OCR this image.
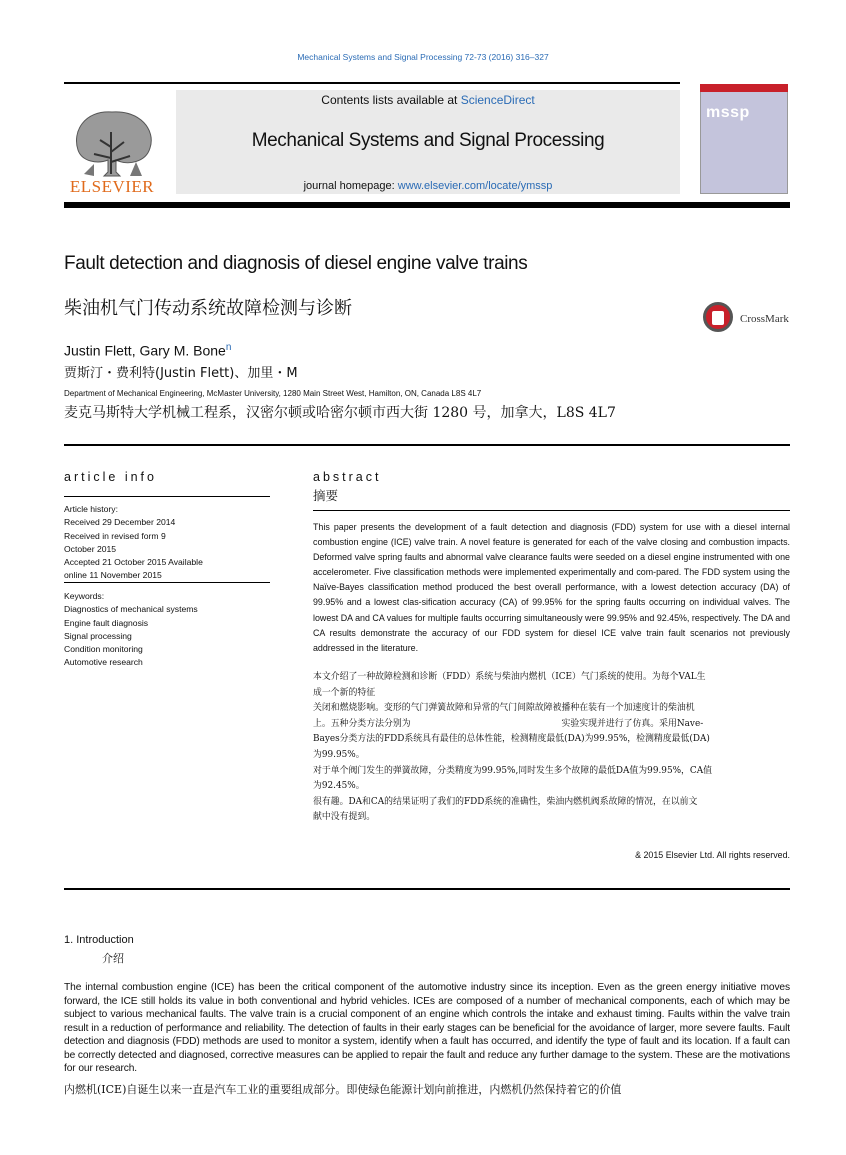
Mechanical Systems and Signal Processing 72-73 (2016) 316–327
ELSEVIER
Contents lists available at ScienceDirect
Mechanical Systems and Signal Processing
journal homepage: www.elsevier.com/locate/ymssp
mssp
Fault detection and diagnosis of diesel engine valve trains
柴油机气门传动系统故障检测与诊断	CrossMark
Justin Flett, Gary M. Bone$^n$
贾斯汀・费利特(Justin Flett)、加里・M
Department of Mechanical Engineering, McMaster University, 1280 Main Street West, Hamilton, ON, Canada L8S 4L7
麦克马斯特大学机械工程系，汉密尔顿或哈密尔顿市西大街 1280 号，加拿大，L8S 4L7
article info
Article history:
Received 29 December 2014
Received in revised form 9
October 2015
Accepted 21 October 2015 Available
online 11 November 2015
Keywords:
Diagnostics of mechanical systems
Engine fault diagnosis
Signal processing
Condition monitoring
Automotive research
abstract
摘要
This paper presents the development of a fault detection and diagnosis (FDD) system for use with a diesel internal combustion engine (ICE) valve train. A novel feature is generated for each of the valve closing and combustion impacts. Deformed valve spring faults and abnormal valve clearance faults were seeded on a diesel engine instrumented with one accelerometer. Five classification methods were implemented experimentally and com-pared. The FDD system using the Naïve-Bayes classification method produced the best overall performance, with a lowest detection accuracy (DA) of 99.95% and a lowest clas-sification accuracy (CA) of 99.95% for the spring faults occurring on individual valves. The lowest DA and CA values for multiple faults occurring simultaneously were 99.95% and 92.45%, respectively. The DA and CA results demonstrate the accuracy of our FDD system for diesel ICE valve train fault scenarios not previously addressed in the literature.
本文介绍了一种故障检测和诊断（FDD）系统与柴油内燃机（ICE）气门系统的使用。为每个VAL生
成一个新的特征
关闭和燃烧影响。变形的气门弹簧故障和异常的气门间隙故障被播种在装有一个加速度计的柴油机
上。五种分类方法分别为　　　　　　　　　　　　　　　　　实验实现并进行了仿真。采用Nave-
Bayes分类方法的FDD系统具有最佳的总体性能，检测精度最低(DA)为99.95%，检测精度最低(DA)
为99.95%。
对于单个阀门发生的弹簧故障，分类精度为99.95%,同时发生多个故障的最低DA值为99.95%，CA值
为92.45%。
很有趣。DA和CA的结果证明了我们的FDD系统的准确性，柴油内燃机阀系故障的情况，在以前文
献中没有提到。
& 2015 Elsevier Ltd. All rights reserved.
1. Introduction
介绍
The internal combustion engine (ICE) has been the critical component of the automotive industry since its inception. Even as the green energy initiative moves forward, the ICE still holds its value in both conventional and hybrid vehicles. ICEs are composed of a number of mechanical components, each of which may be subject to various mechanical faults. The valve train is a crucial component of an engine which controls the intake and exhaust timing. Faults within the valve train result in a reduction of performance and reliability. The detection of faults in their early stages can be beneficial for the avoidance of larger, more severe faults. Fault detection and diagnosis (FDD) methods are used to monitor a system, identify when a fault has occurred, and identify the type of fault and its location. If a fault can be correctly detected and diagnosed, corrective measures can be applied to repair the fault and reduce any further damage to the system. These are the motivations for our research.
内燃机(ICE)自诞生以来一直是汽车工业的重要组成部分。即使绿色能源计划向前推进，内燃机仍然保持着它的价值
